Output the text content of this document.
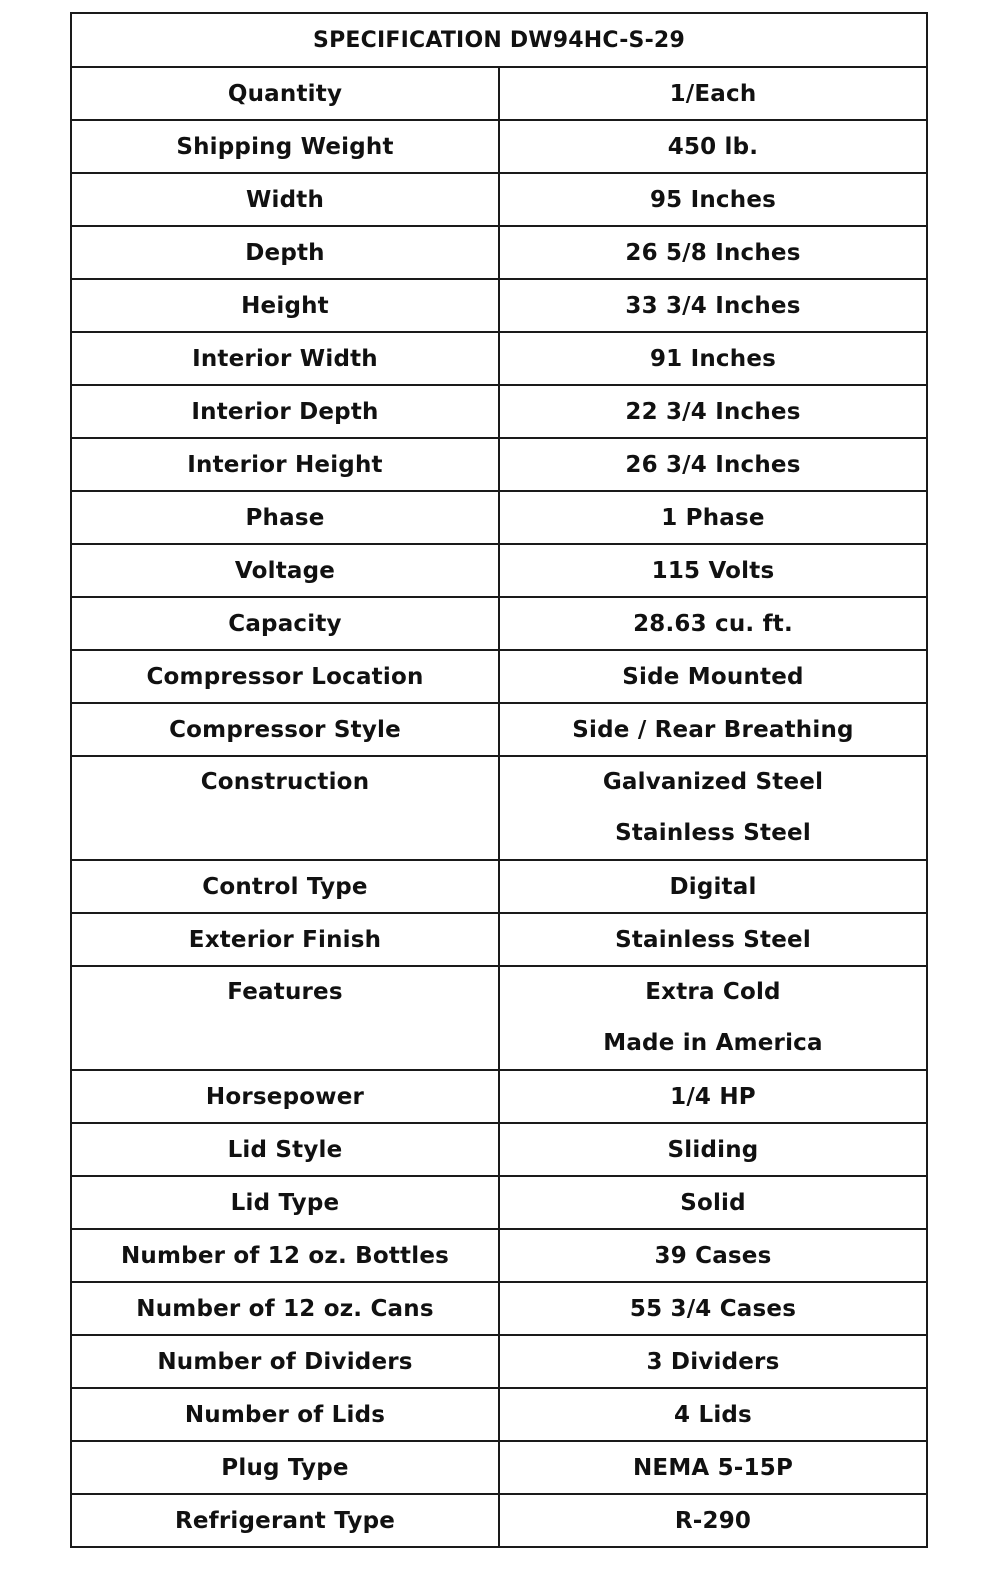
SPECIFICATION DW94HC-S-29	
Quantity	1/Each
Shipping Weight	450 lb.
Width	95 Inches
Depth	26 5/8 Inches
Height	33 3/4 Inches
Interior Width	91 Inches
Interior Depth	22 3/4 Inches
Interior Height	26 3/4 Inches
Phase	1 Phase
Voltage	115 Volts
Capacity	28.63 cu. ft.
Compressor Location	Side Mounted
Compressor Style	Side / Rear Breathing

Construction	Galvanized Steel
Stainless Steel

Control Type	Digital
Exterior Finish	Stainless Steel

Features	Extra Cold
Made in America

Horsepower	1/4 HP
Lid Style	Sliding
Lid Type	Solid
Number of 12 oz. Bottles	39 Cases
Number of 12 oz. Cans	55 3/4 Cases
Number of Dividers	3 Dividers
Number of Lids	4 Lids
Plug Type	NEMA 5-15P
Refrigerant Type	R-290
